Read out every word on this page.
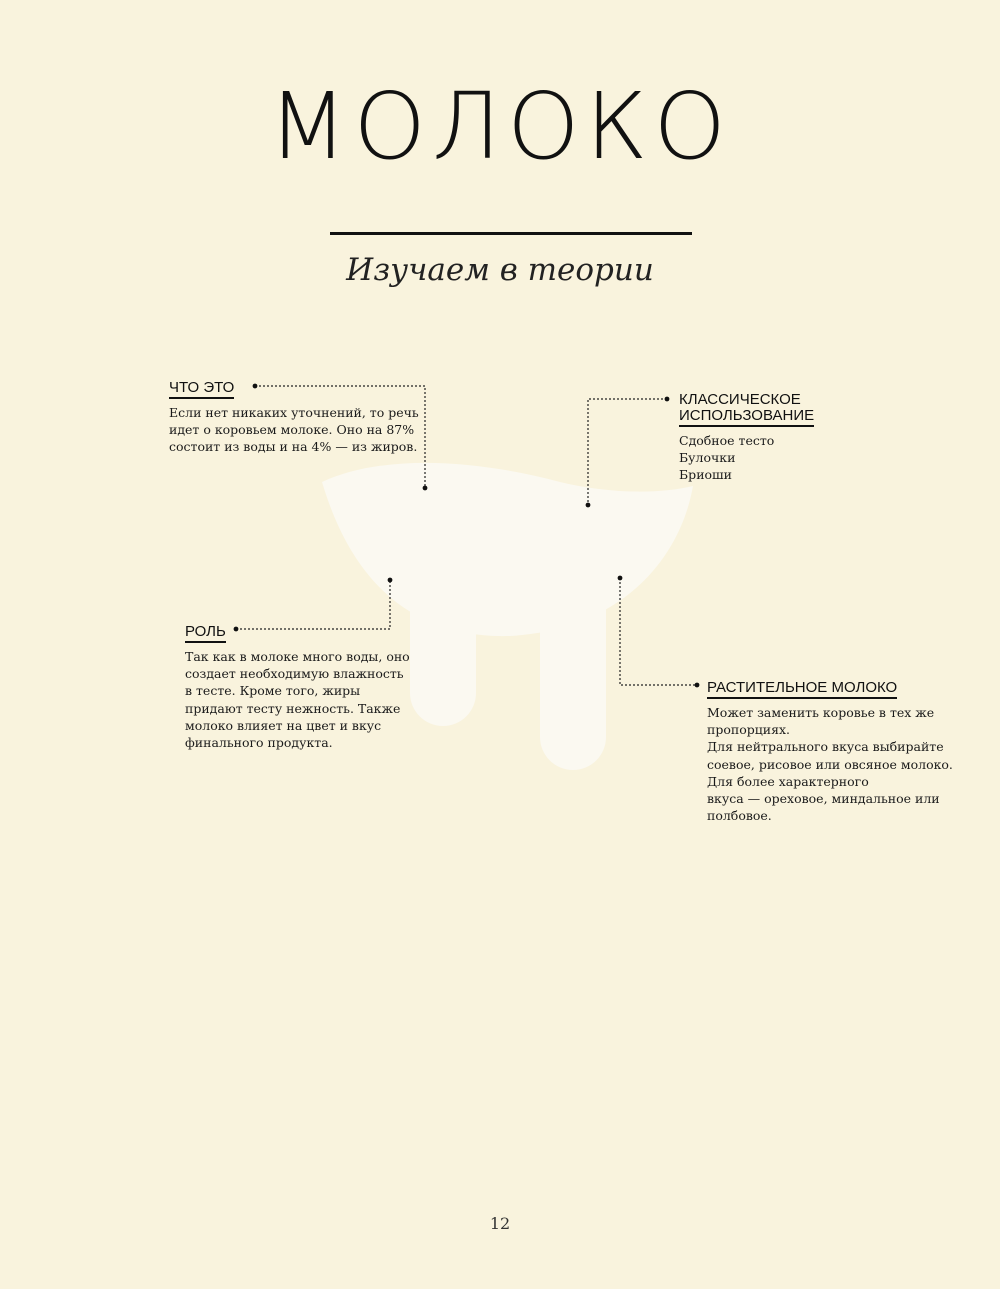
МОЛОКО
Изучаем в теории
ЧТО ЭТО
Если нет никаких уточнений, то речь
идет о коровьем молоке. Оно на 87%
состоит из воды и на 4% — из жиров.
КЛАССИЧЕСКОЕ
ИСПОЛЬЗОВАНИЕ
Сдобное тесто
Булочки
Бриоши
РОЛЬ
Так как в молоке много воды, оно
создает необходимую влажность
в тесте. Кроме того, жиры
придают тесту нежность. Также
молоко влияет на цвет и вкус
финального продукта.
РАСТИТЕЛЬНОЕ МОЛОКО
Может заменить коровье в тех же
пропорциях.
Для нейтрального вкуса выбирайте
соевое, рисовое или овсяное молоко.
Для более характерного
вкуса — ореховое, миндальное или
полбовое.
12
